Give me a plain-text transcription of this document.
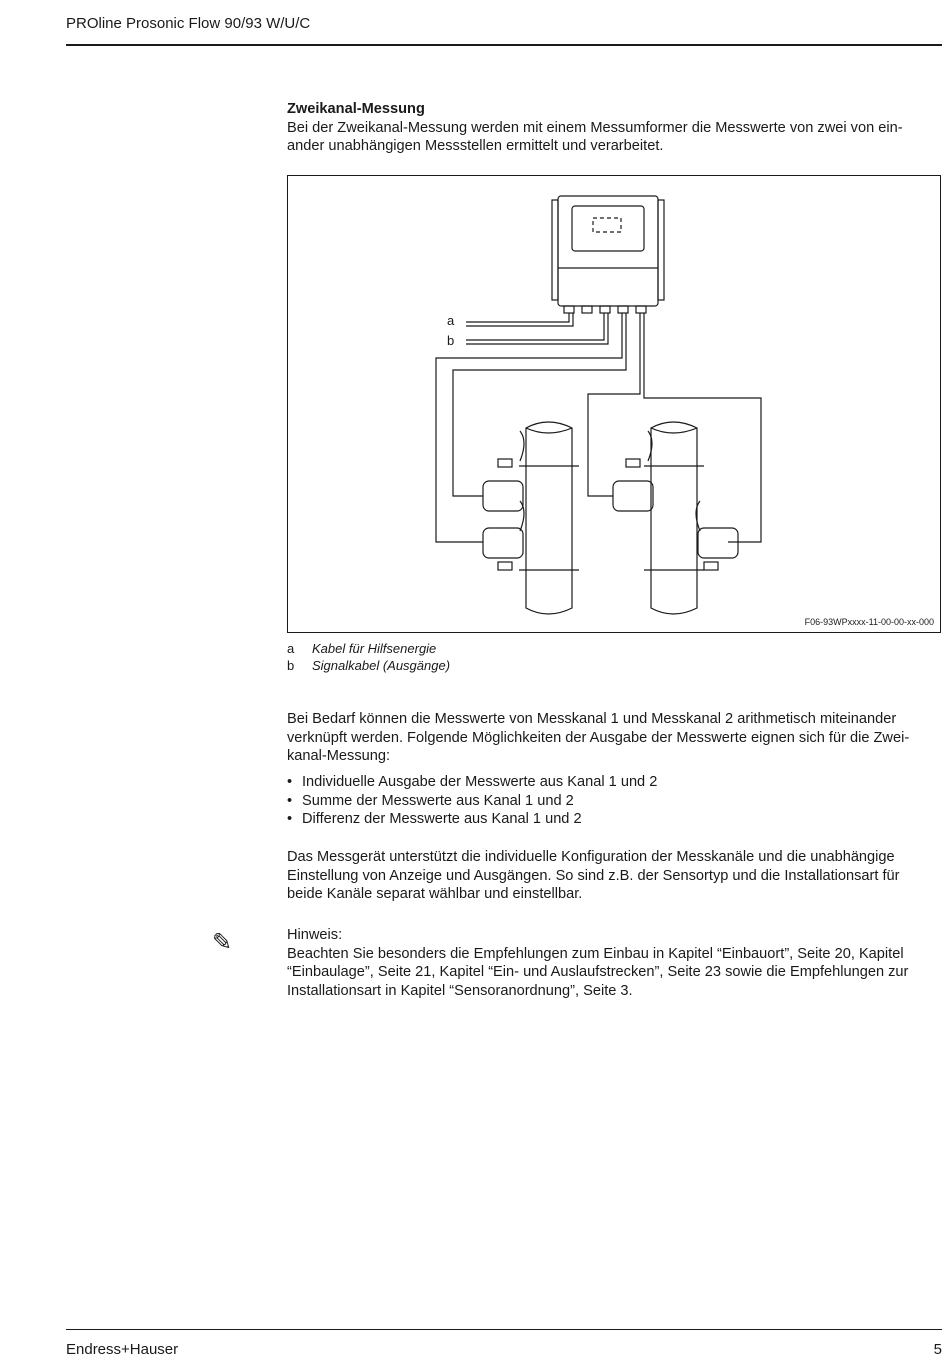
PROline Prosonic Flow 90/93 W/U/C
Zweikanal-Messung
Bei der Zweikanal-Messung werden mit einem Messumformer die Messwerte von zwei von ein-
ander unabhängigen Messstellen ermittelt und verarbeitet.
a
b
F06-93WPxxxx-11-00-00-xx-000
a Kabel für Hilfsenergie
b Signalkabel (Ausgänge)
Bei Bedarf können die Messwerte von Messkanal 1 und Messkanal 2 arithmetisch miteinander
verknüpft werden. Folgende Möglichkeiten der Ausgabe der Messwerte eignen sich für die Zwei-
kanal-Messung:
• Individuelle Ausgabe der Messwerte aus Kanal 1 und 2
• Summe der Messwerte aus Kanal 1 und 2
• Differenz der Messwerte aus Kanal 1 und 2
Das Messgerät unterstützt die individuelle Konfiguration der Messkanäle und die unabhängige
Einstellung von Anzeige und Ausgängen. So sind z.B. der Sensortyp und die Installationsart für
beide Kanäle separat wählbar und einstellbar.
✎	Hinweis:
Beachten Sie besonders die Empfehlungen zum Einbau in Kapitel “Einbauort”, Seite 20, Kapitel
“Einbaulage”, Seite 21, Kapitel “Ein- und Auslaufstrecken”, Seite 23 sowie die Empfehlungen zur
Installationsart in Kapitel “Sensoranordnung”, Seite 3.
Endress+Hauser	5
